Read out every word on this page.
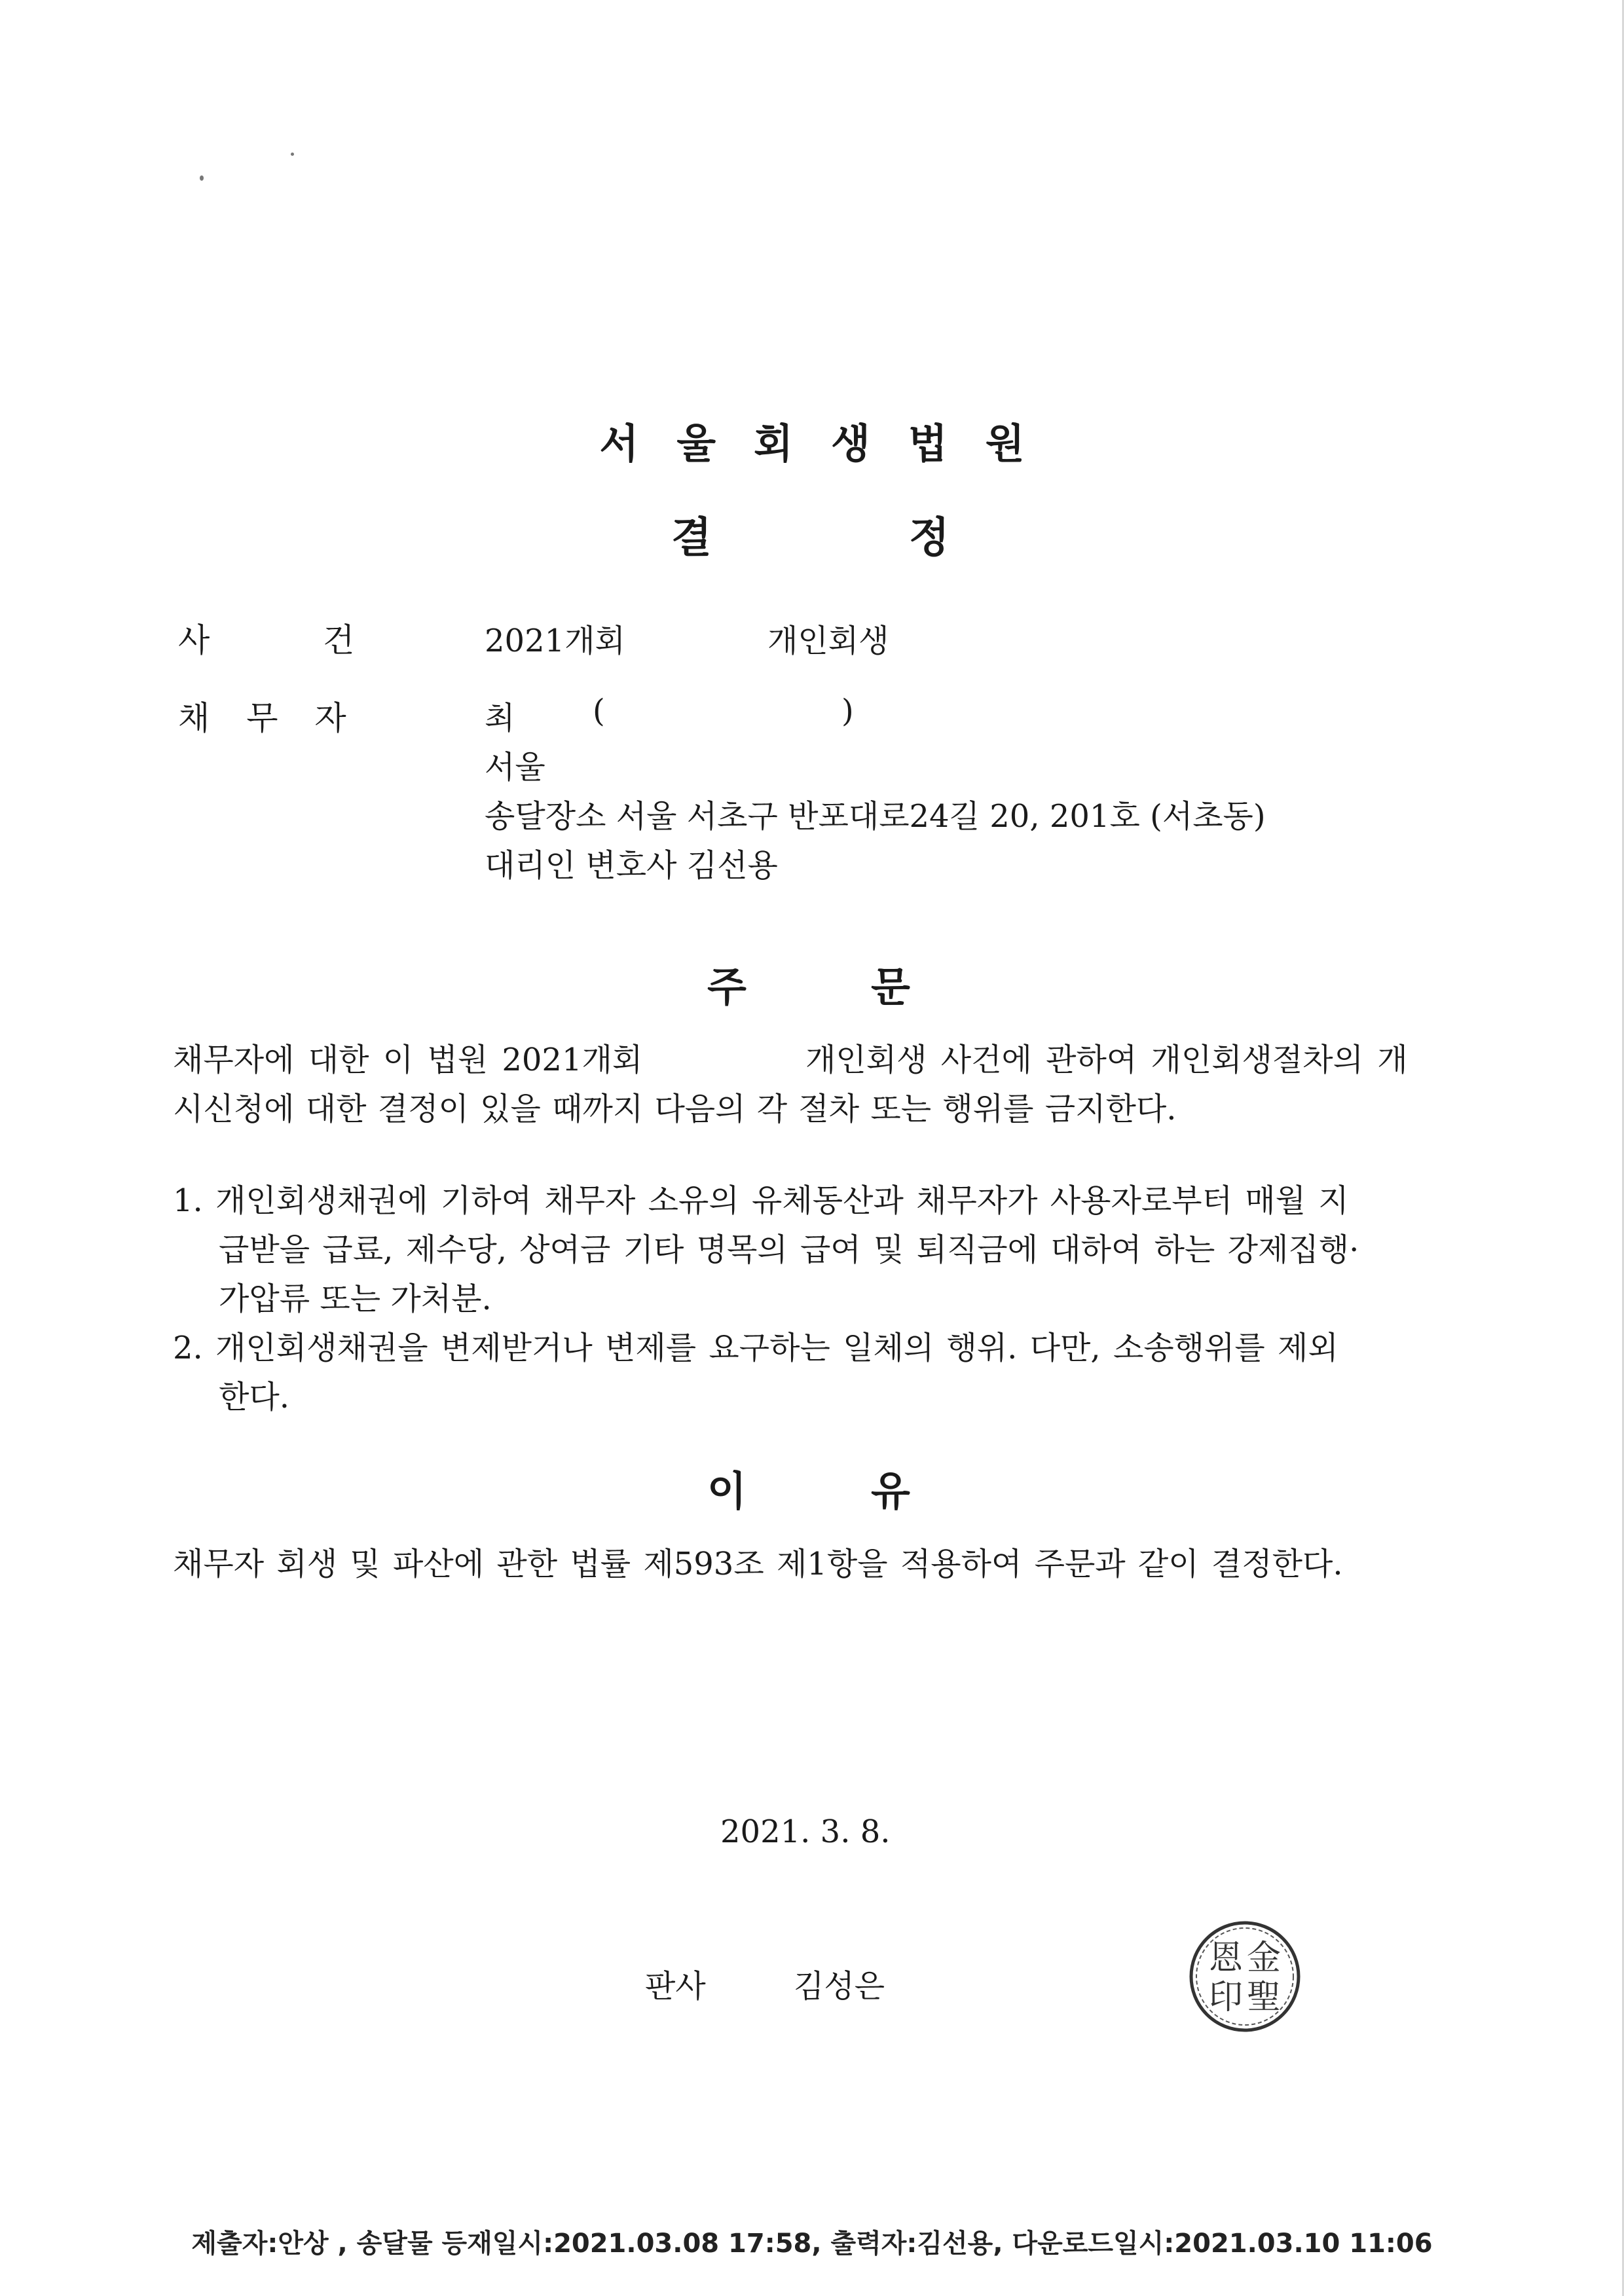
서울회생법원
결	정
사	건	2021개회	개인회생
채 무 자	최 (	)
서울
송달장소 서울 서초구 반포대로24길 20, 201호 (서초동)
대리인 변호사 김선용
주	문
채무자에 대한 이 법원 2021개회	개인회생 사건에 관하여 개인회생절차의 개
시신청에 대한 결정이 있을 때까지 다음의 각 절차 또는 행위를 금지한다.
1. 개인회생채권에 기하여 채무자 소유의 유체동산과 채무자가 사용자로부터 매월 지
급받을 급료, 제수당, 상여금 기타 명목의 급여 및 퇴직금에 대하여 하는 강제집행·
가압류 또는 가처분.
2. 개인회생채권을 변제받거나 변제를 요구하는 일체의 행위. 다만, 소송행위를 제외
한다.
이	유
채무자 회생 및 파산에 관한 법률 제593조 제1항을 적용하여 주문과 같이 결정한다.
2021. 3. 8.
판사	김성은
金
聖
恩
印
제출자:안상 , 송달물 등재일시:2021.03.08 17:58, 출력자:김선용, 다운로드일시:2021.03.10 11:06
